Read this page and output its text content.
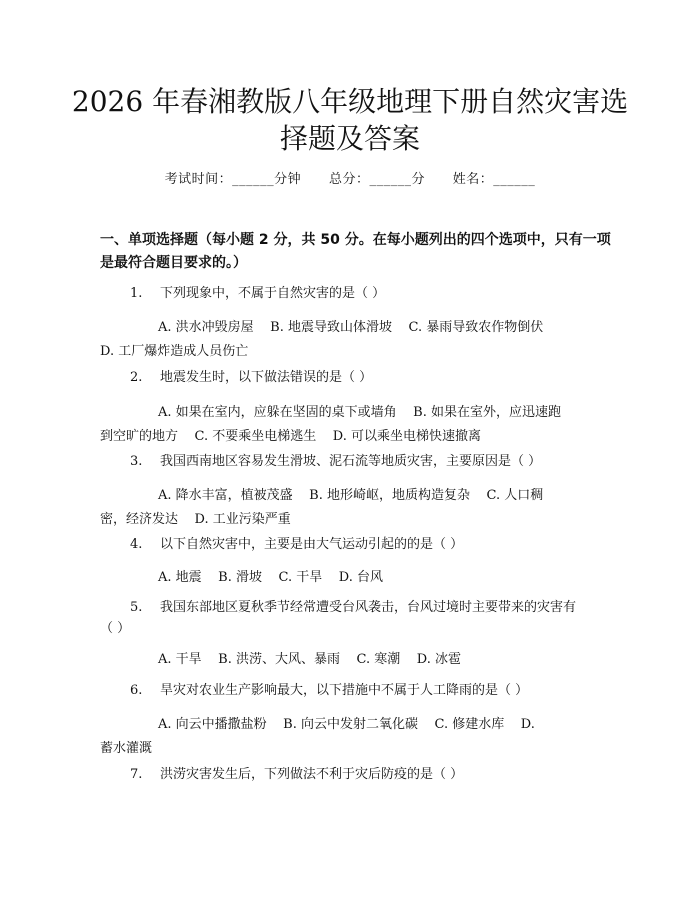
2026 年春湘教版八年级地理下册自然灾害选
择题及答案
考试时间：______分钟 总分：______分 姓名：______
一、单项选择题（每小题 2 分，共 50 分。在每小题列出的四个选项中，只有一项
是最符合题目要求的。）
1. 下列现象中，不属于自然灾害的是（ ）
A. 洪水冲毁房屋    B. 地震导致山体滑坡    C. 暴雨导致农作物倒伏
D. 工厂爆炸造成人员伤亡
2. 地震发生时，以下做法错误的是（ ）
A. 如果在室内，应躲在坚固的桌下或墙角    B. 如果在室外，应迅速跑
到空旷的地方    C. 不要乘坐电梯逃生    D. 可以乘坐电梯快速撤离
3. 我国西南地区容易发生滑坡、泥石流等地质灾害，主要原因是（ ）
A. 降水丰富，植被茂盛    B. 地形崎岖，地质构造复杂    C. 人口稠
密，经济发达    D. 工业污染严重
4. 以下自然灾害中，主要是由大气运动引起的的是（ ）
A. 地震    B. 滑坡    C. 干旱    D. 台风
5. 我国东部地区夏秋季节经常遭受台风袭击，台风过境时主要带来的灾害有
（ ）
A. 干旱    B. 洪涝、大风、暴雨    C. 寒潮    D. 冰雹
6. 旱灾对农业生产影响最大，以下措施中不属于人工降雨的是（ ）
A. 向云中播撒盐粉    B. 向云中发射二氧化碳    C. 修建水库    D.
蓄水灌溉
7. 洪涝灾害发生后，下列做法不利于灾后防疫的是（ ）
